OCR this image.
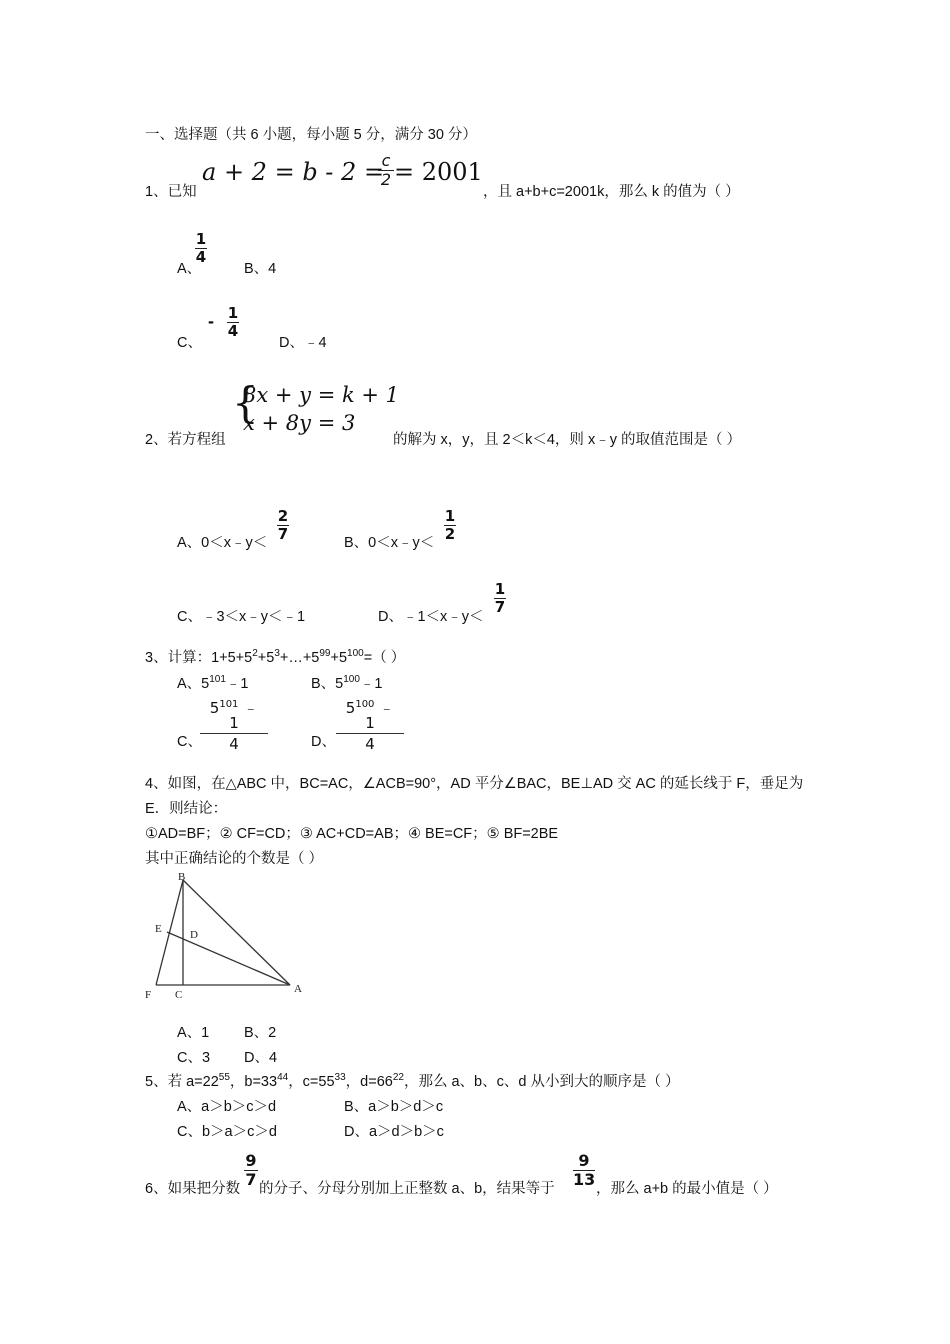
一、选择题（共 6 小题，每小题 5 分，满分 30 分）
1、已知
a + 2 = b - 2 =
c
2 = 2001
，且 a+b+c=2001k，那么 k 的值为（ ）
A、
1
4
B、4
C、
- 1
4
D、﹣4
2、若方程组
{
8x + y = k + 1
x + 8y = 3
的解为 x，y，且 2＜k＜4，则 x﹣y 的取值范围是（ ）
A、0＜x﹣y＜
2
7	B、0＜x﹣y＜
1
2
C、﹣3＜x﹣y＜﹣1	D、﹣1＜x﹣y＜
1
7
3、计算：$1+5+5^2+5^3+\dots+5^{99}+5^{100}=$（ ）
A、$5^{101}﹣1$	B、$5^{100}﹣1$
C、
$5^{101}$ ﹣1
4	D、
$5^{100}$ ﹣1
4
4、如图，在△ABC 中，BC=AC，∠ACB=90°，AD 平分∠BAC，BE⊥AD 交 AC 的延长线于 F，垂足为
E．则结论：
①AD=BF；② CF=CD；③ AC+CD=AB；④ BE=CF；⑤ BF=2BE
其中正确结论的个数是（ ）
B
E	D
F C	A
A、1 B、2
C、3 D、4
5、若 $a=22^{55}$，$b=33^{44}$，$c=55^{33}$，$d=66^{22}$，那么 a、b、c、d 从小到大的顺序是（ ）
A、a＞b＞c＞d	B、a＞b＞d＞c
C、b＞a＞c＞d	D、a＞d＞b＞c
6、如果把分数
9
7 的分子、分母分别加上正整数 a、b，结果等于
9
13 ，那么 a+b 的最小值是（ ）
